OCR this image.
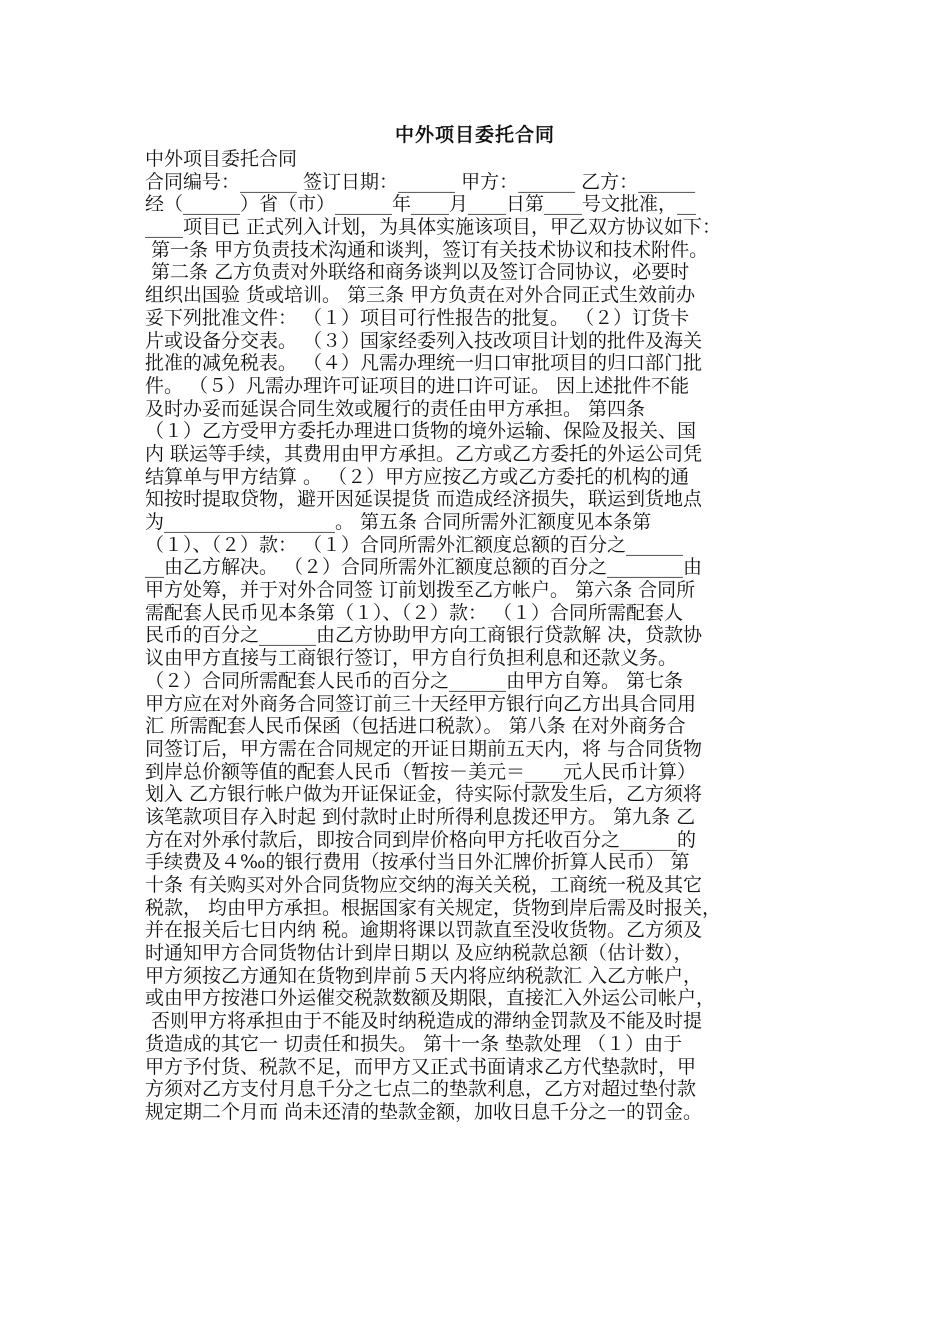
中外项目委托合同
中外项目委托合同
合同编号：______ 签订日期：______ 甲方：______ 乙方：______
经（______）省（市）______年____月____日第____号文批准，__
____项目已 正式列入计划，为具体实施该项目，甲乙双方协议如下：
第一条 甲方负责技术沟通和谈判，签订有关技术协议和技术附件。
第二条 乙方负责对外联络和商务谈判以及签订合同协议，必要时
组织出国验 货或培训。 第三条 甲方负责在对外合同正式生效前办
妥下列批准文件： （１）项目可行性报告的批复。 （２）订货卡
片或设备分交表。 （３）国家经委列入技改项目计划的批件及海关
批准的减免税表。 （４）凡需办理统一归口审批项目的归口部门批
件。 （５）凡需办理许可证项目的进口许可证。 因上述批件不能
及时办妥而延误合同生效或履行的责任由甲方承担。 第四条
（１）乙方受甲方委托办理进口货物的境外运输、保险及报关、国
内 联运等手续，其费用由甲方承担。乙方或乙方委托的外运公司凭
结算单与甲方结算 。 （２）甲方应按乙方或乙方委托的机构的通
知按时提取贷物，避开因延误提货 而造成经济损失，联运到货地点
为__________________。 第五条 合同所需外汇额度见本条第
（１）、（２）款： （１）合同所需外汇额度总额的百分之______
__由乙方解决。 （２）合同所需外汇额度总额的百分之________由
甲方处筹，并于对外合同签 订前划拨至乙方帐户。 第六条 合同所
需配套人民币见本条第（１）、（２）款： （１）合同所需配套人
民币的百分之______由乙方协助甲方向工商银行贷款解 决，贷款协
议由甲方直接与工商银行签订，甲方自行负担利息和还款义务。
（２）合同所需配套人民币的百分之______由甲方自筹。 第七条
甲方应在对外商务合同签订前三十天经甲方银行向乙方出具合同用
汇 所需配套人民币保函（包括进口税款）。 第八条 在对外商务合
同签订后，甲方需在合同规定的开证日期前五天内，将 与合同货物
到岸总价额等值的配套人民币（暂按－美元＝____元人民币计算）
划入 乙方银行帐户做为开证保证金，待实际付款发生后，乙方须将
该笔款项目存入时起 到付款时止时所得利息拨还甲方。 第九条 乙
方在对外承付款后，即按合同到岸价格向甲方托收百分之______的
手续费及４‰的银行费用（按承付当日外汇牌价折算人民币） 第
十条 有关购买对外合同货物应交纳的海关关税，工商统一税及其它
税款， 均由甲方承担。根据国家有关规定，货物到岸后需及时报关，
并在报关后七日内纳 税。逾期将课以罚款直至没收货物。乙方须及
时通知甲方合同货物估计到岸日期以 及应纳税款总额（估计数），
甲方须按乙方通知在货物到岸前５天内将应纳税款汇 入乙方帐户，
或由甲方按港口外运催交税款数额及期限，直接汇入外运公司帐户，
否则甲方将承担由于不能及时纳税造成的滞纳金罚款及不能及时提
货造成的其它一 切责任和损失。 第十一条 垫款处理 （１）由于
甲方予付货、税款不足，而甲方又正式书面请求乙方代垫款时，甲
方须对乙方支付月息千分之七点二的垫款利息，乙方对超过垫付款
规定期二个月而 尚未还清的垫款金额，加收日息千分之一的罚金。
